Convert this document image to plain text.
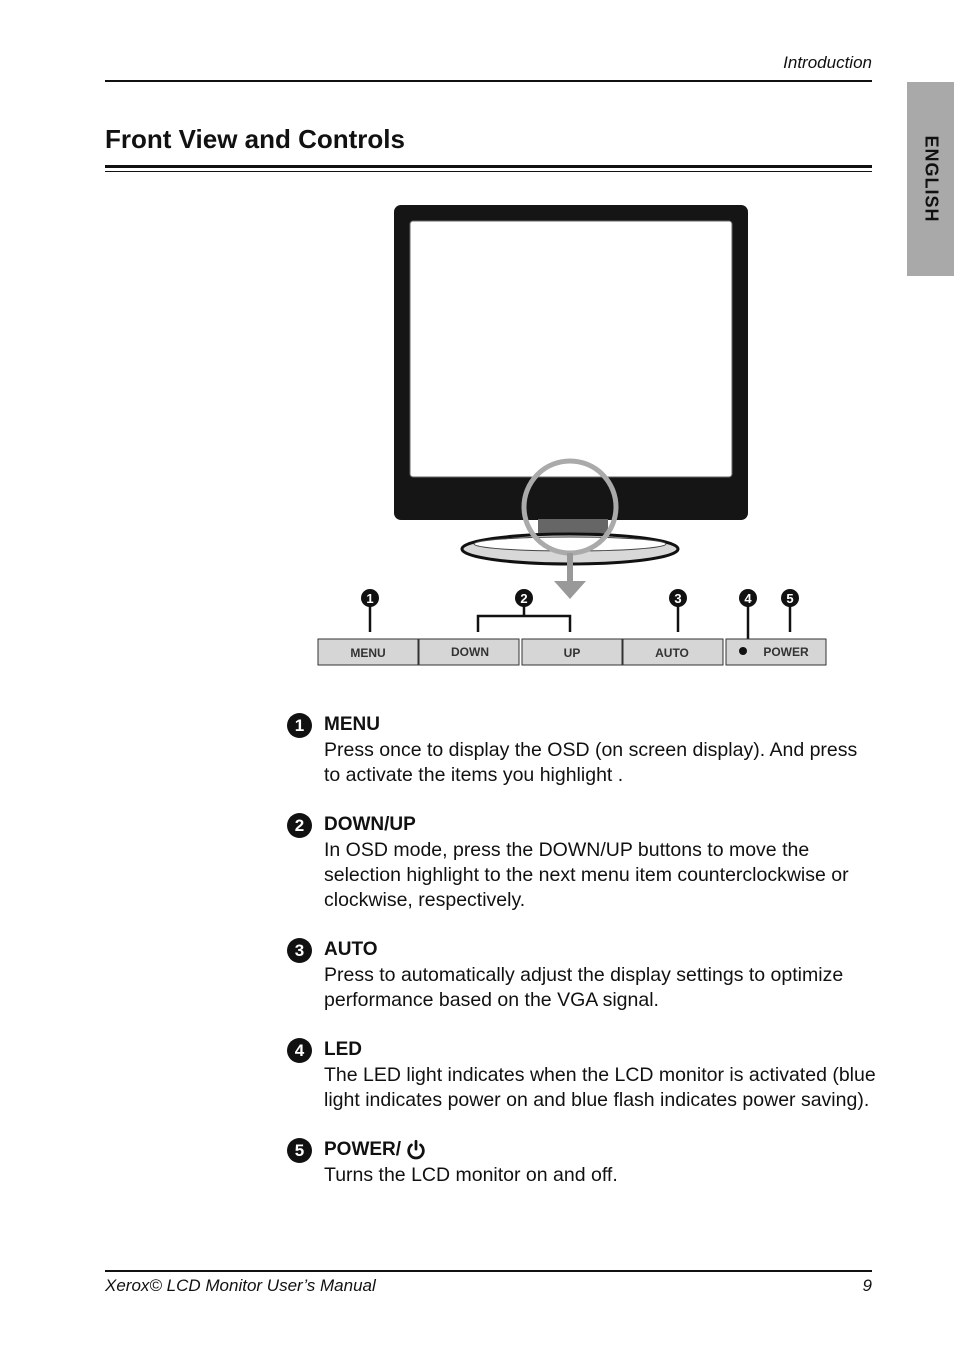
Introduction
ENGLISH
Front View and Controls
1	2	3	4	5
MENU	DOWN	UP	AUTO	POWER
1	MENU
Press once to display the OSD (on screen display). And press to activate the items you highlight .
2	DOWN/UP
In OSD mode, press the DOWN/UP buttons to move the selection highlight to the next menu item counterclockwise or clockwise, respectively.
3	AUTO
Press to automatically adjust the display settings to optimize performance based on the VGA signal.
4	LED
The LED light indicates when the LCD monitor is activated (blue light indicates power on and blue flash indicates power saving).
5	POWER/
Turns the LCD monitor on and off.
Xerox© LCD Monitor User’s Manual	9
